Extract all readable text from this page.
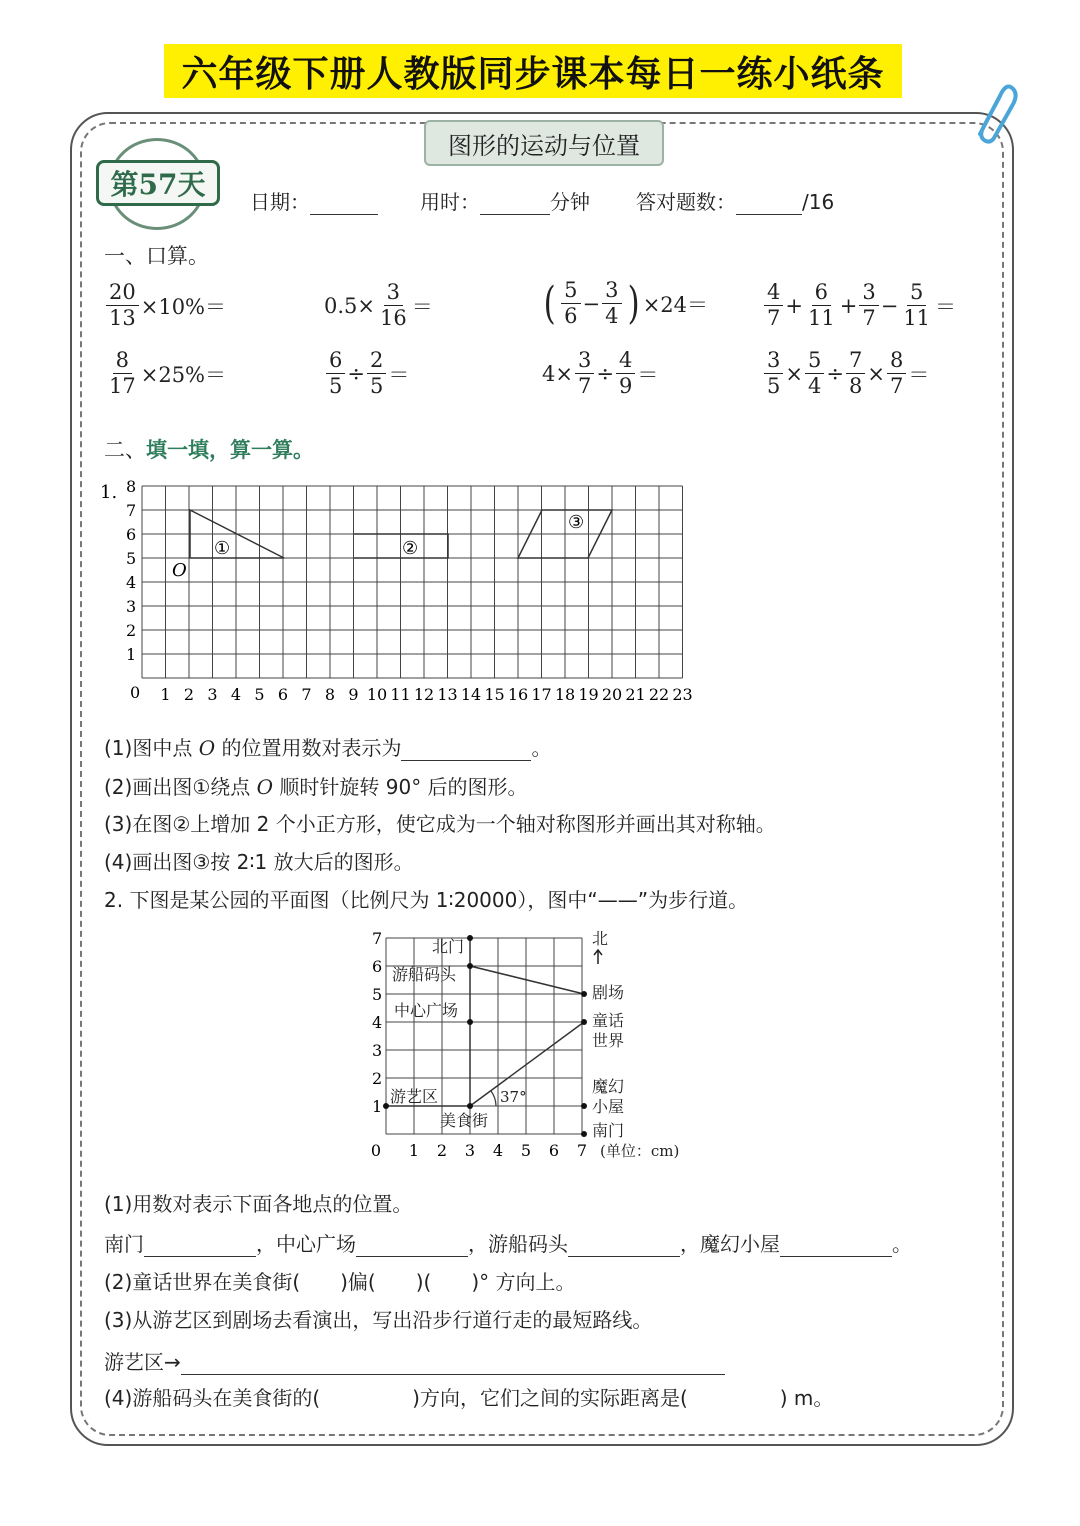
六年级下册人教版同步课本每日一练小纸条
图形的运动与位置
第57天
日期：	用时：	分钟 答对题数：	/16
一、口算。
$\frac{20}{13} \times 10\%=$	$0.5\times \frac{3}{16}$ ＝	( $\frac{5}{6} - \frac{3}{4}$ ) ×24＝	$\frac{4}{7} + \frac{6}{11} + \frac{3}{7} - \frac{5}{11}$ ＝
$\frac{8}{17} \times 25\%=$	$\frac{6}{5} \div \frac{2}{5}$ ＝	$4\times \frac{3}{7} \div \frac{4}{9}$ ＝	$\frac{3}{5} \times \frac{5}{4} \div \frac{7}{8} \times \frac{8}{7}$ ＝
二、填一填，算一算。
1.
1
2
3
4
5
6
7
8
0 1 2 3 4 5 6 7 8 9 10 11 12 13 14 15 16 17 18 19 20 21 22 23
O
①	②
③
(1)图中点 O 的位置用数对表示为	。
(2)画出图①绕点 O 顺时针旋转 90° 后的图形。
(3)在图②上增加 2 个小正方形，使它成为一个轴对称图形并画出其对称轴。
(4)画出图③按 2∶1 放大后的图形。
2. 下图是某公园的平面图（比例尺为 1∶20000），图中“——”为步行道。
1
2
3
4
5
6
7
0 1 2 3 4 5 6 7
北门
游船码头
剧场
中心广场
童话
世界
游艺区
魔幻
小屋
美食街
南门
北
37°
(单位：cm)
(1)用数对表示下面各地点的位置。
南门	，中心广场	，游船码头	，魔幻小屋	。
(2)童话世界在美食街(　　)偏(　　)(　　)° 方向上。
(3)从游艺区到剧场去看演出，写出沿步行道行走的最短路线。
游艺区→
(4)游船码头在美食街的(	)方向，它们之间的实际距离是(	) m。
